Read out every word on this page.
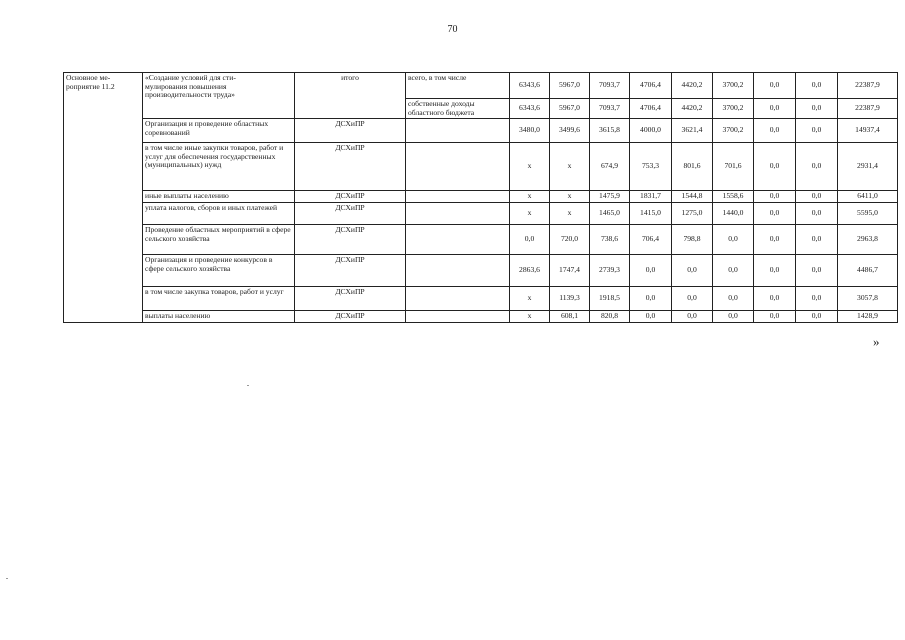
70
Основное ме-
роприятие 11.2	«Создание условий для сти-
мулирования повышения
производительности труда»	итого	всего, в том числе	6343,6	5967,0	7093,7	4706,4	4420,2	3700,2	0,0	0,0	22387,9
			собственные доходы областного бюджета	6343,6	5967,0	7093,7	4706,4	4420,2	3700,2	0,0	0,0	22387,9
	Организация и проведение областных соревнований	ДСХиПР		3480,0	3499,6	3615,8	4000,0	3621,4	3700,2	0,0	0,0	14937,4
	в том числе иные закупки товаров, работ и услуг для обеспечения государственных (муниципальных) нужд	ДСХиПР		х	х	674,9	753,3	801,6	701,6	0,0	0,0	2931,4
	иные выплаты населению	ДСХиПР		х	х	1475,9	1831,7	1544,8	1558,6	0,0	0,0	6411,0
	уплата налогов, сборов и иных платежей	ДСХиПР		х	х	1465,0	1415,0	1275,0	1440,0	0,0	0,0	5595,0
	Проведение областных мероприятий в сфере сельского хозяйства	ДСХиПР		0,0	720,0	738,6	706,4	798,8	0,0	0,0	0,0	2963,8
	Организация и проведение конкурсов в сфере сельского хозяйства	ДСХиПР		2863,6	1747,4	2739,3	0,0	0,0	0,0	0,0	0,0	4486,7
	в том числе закупка товаров, работ и услуг	ДСХиПР		х	1139,3	1918,5	0,0	0,0	0,0	0,0	0,0	3057,8
	выплаты населению	ДСХиПР		х	608,1	820,8	0,0	0,0	0,0	0,0	0,0	1428,9
»
